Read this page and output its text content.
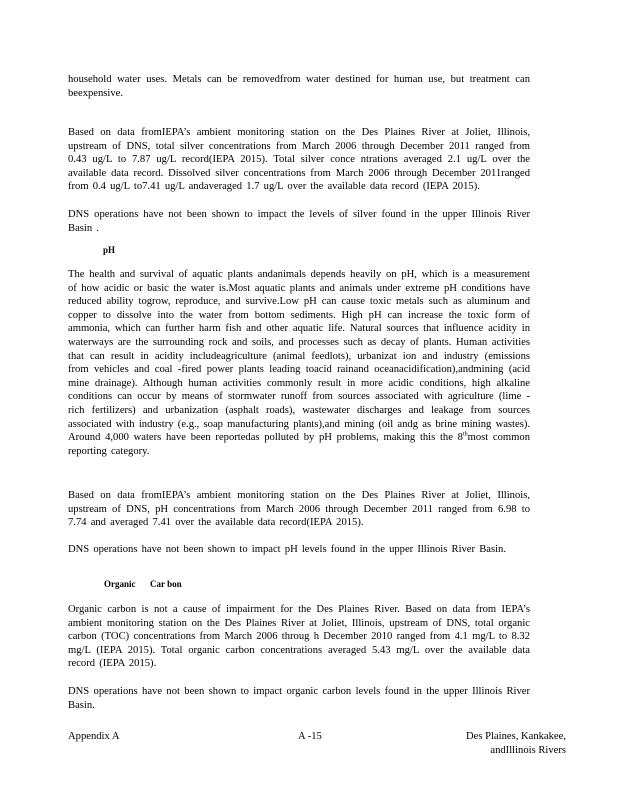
household water uses. Metals can be removedfrom water destined for human use, but treatment can beexpensive.

Based on data fromIEPA’s ambient monitoring station on the Des Plaines River at Joliet, Illinois, upstream of DNS, total silver concentrations from March 2006 through December 2011 ranged from 0.43 ug/L to 7.87 ug/L record(IEPA 2015). Total silver conce ntrations averaged 2.1 ug/L over the available data record. Dissolved silver concentrations from March 2006 through December 2011ranged from 0.4 ug/L to7.41 ug/L andaveraged 1.7 ug/L over the available data record (IEPA 2015).

DNS operations have not been shown to impact the levels of silver found in the upper Illinois River Basin .

pH

The health and survival of aquatic plants andanimals depends heavily on pH, which is a measurement of how acidic or basic the water is.Most aquatic plants and animals under extreme pH conditions have reduced ability togrow, reproduce, and survive.Low pH can cause toxic metals such as aluminum and copper to dissolve into the water from bottom sediments. High pH can increase the toxic form of ammonia, which can further harm fish and other aquatic life. Natural sources that influence acidity in waterways are the surrounding rock and soils, and processes such as decay of plants. Human activities that can result in acidity includeagriculture (animal feedlots), urbanizat ion and industry (emissions from vehicles and coal -fired power plants leading toacid rainand oceanacidification),andmining (acid mine drainage). Although human activities commonly result in more acidic conditions, high alkaline conditions can occur by means of stormwater runoff from sources associated with agriculture (lime -rich fertilizers) and urbanization (asphalt roads), wastewater discharges and leakage from sources associated with industry (e.g., soap manufacturing plants),and mining (oil andg as brine mining wastes). Around 4,000 waters have been reportedas polluted by pH problems, making this the 8thmost common reporting category.

Based on data fromIEPA’s ambient monitoring station on the Des Plaines River at Joliet, Illinois, upstream of DNS, pH concentrations from March 2006 through December 2011 ranged from 6.98 to 7.74 and averaged 7.41 over the available data record(IEPA 2015).

DNS operations have not been shown to impact pH levels found in the upper Illinois River Basin.

Organic Car bon

Organic carbon is not a cause of impairment for the Des Plaines River. Based on data from IEPA’s ambient monitoring station on the Des Plaines River at Joliet, Illinois, upstream of DNS, total organic carbon (TOC) concentrations from March 2006 throug h December 2010 ranged from 4.1 mg/L to 8.32 mg/L (IEPA 2015). Total organic carbon concentrations averaged 5.43 mg/L over the available data record (IEPA 2015).

DNS operations have not been shown to impact organic carbon levels found in the upper Illinois River Basin.

Appendix A	A -15	Des Plaines, Kankakee,
andIllinois Rivers
